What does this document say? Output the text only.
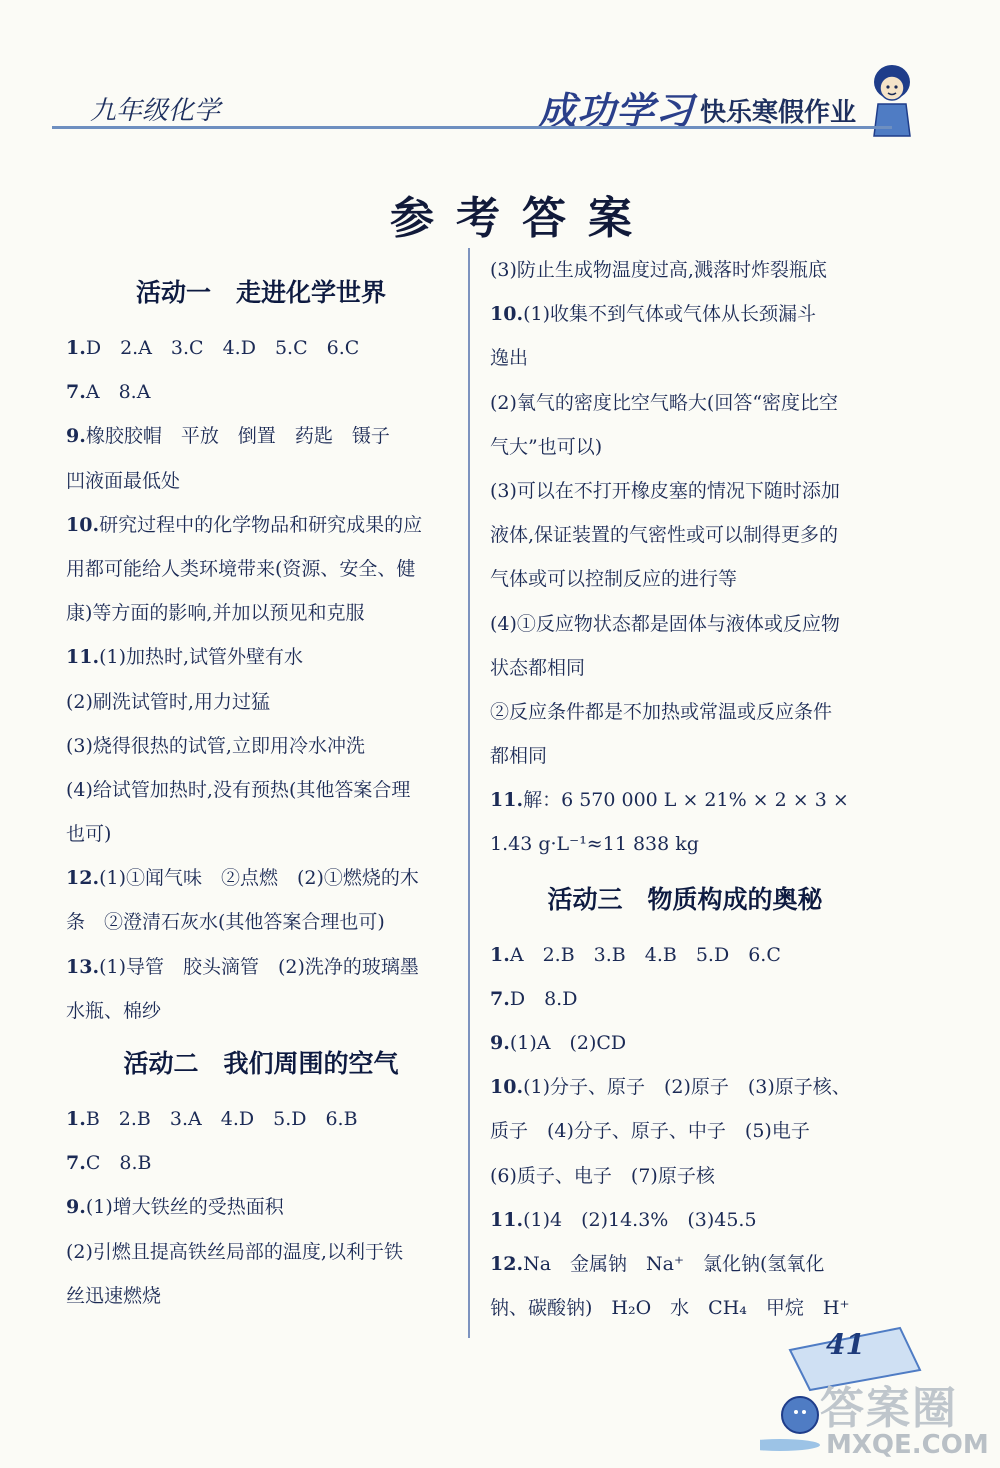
九年级化学	成功学习 快乐寒假作业
参考答案
活动一　走进化学世界
1.D　2.A　3.C　4.D　5.C　6.C
7.A　8.A
9.橡胶胶帽　平放　倒置　药匙　镊子
凹液面最低处
10.研究过程中的化学物品和研究成果的应
用都可能给人类环境带来(资源、安全、健
康)等方面的影响,并加以预见和克服
11.(1)加热时,试管外壁有水
(2)刷洗试管时,用力过猛
(3)烧得很热的试管,立即用冷水冲洗
(4)给试管加热时,没有预热(其他答案合理
也可)
12.(1)①闻气味　②点燃　(2)①燃烧的木
条　②澄清石灰水(其他答案合理也可)
13.(1)导管　胶头滴管　(2)洗净的玻璃墨
水瓶、棉纱
活动二　我们周围的空气
1.B　2.B　3.A　4.D　5.D　6.B
7.C　8.B
9.(1)增大铁丝的受热面积
(2)引燃且提高铁丝局部的温度,以利于铁
丝迅速燃烧
(3)防止生成物温度过高,溅落时炸裂瓶底
10.(1)收集不到气体或气体从长颈漏斗
逸出
(2)氧气的密度比空气略大(回答“密度比空
气大”也可以)
(3)可以在不打开橡皮塞的情况下随时添加
液体,保证装置的气密性或可以制得更多的
气体或可以控制反应的进行等
(4)①反应物状态都是固体与液体或反应物
状态都相同
②反应条件都是不加热或常温或反应条件
都相同
11.解：6 570 000 L × 21% × 2 × 3 ×
1.43 g·L⁻¹≈11 838 kg
活动三　物质构成的奥秘
1.A　2.B　3.B　4.B　5.D　6.C
7.D　8.D
9.(1)A　(2)CD
10.(1)分子、原子　(2)原子　(3)原子核、
质子　(4)分子、原子、中子　(5)电子
(6)质子、电子　(7)原子核
11.(1)4　(2)14.3%　(3)45.5
12.Na　金属钠　Na⁺　氯化钠(氢氧化
钠、碳酸钠)　H₂O　水　CH₄　甲烷　H⁺
41
答案圈
MXQE.COM
